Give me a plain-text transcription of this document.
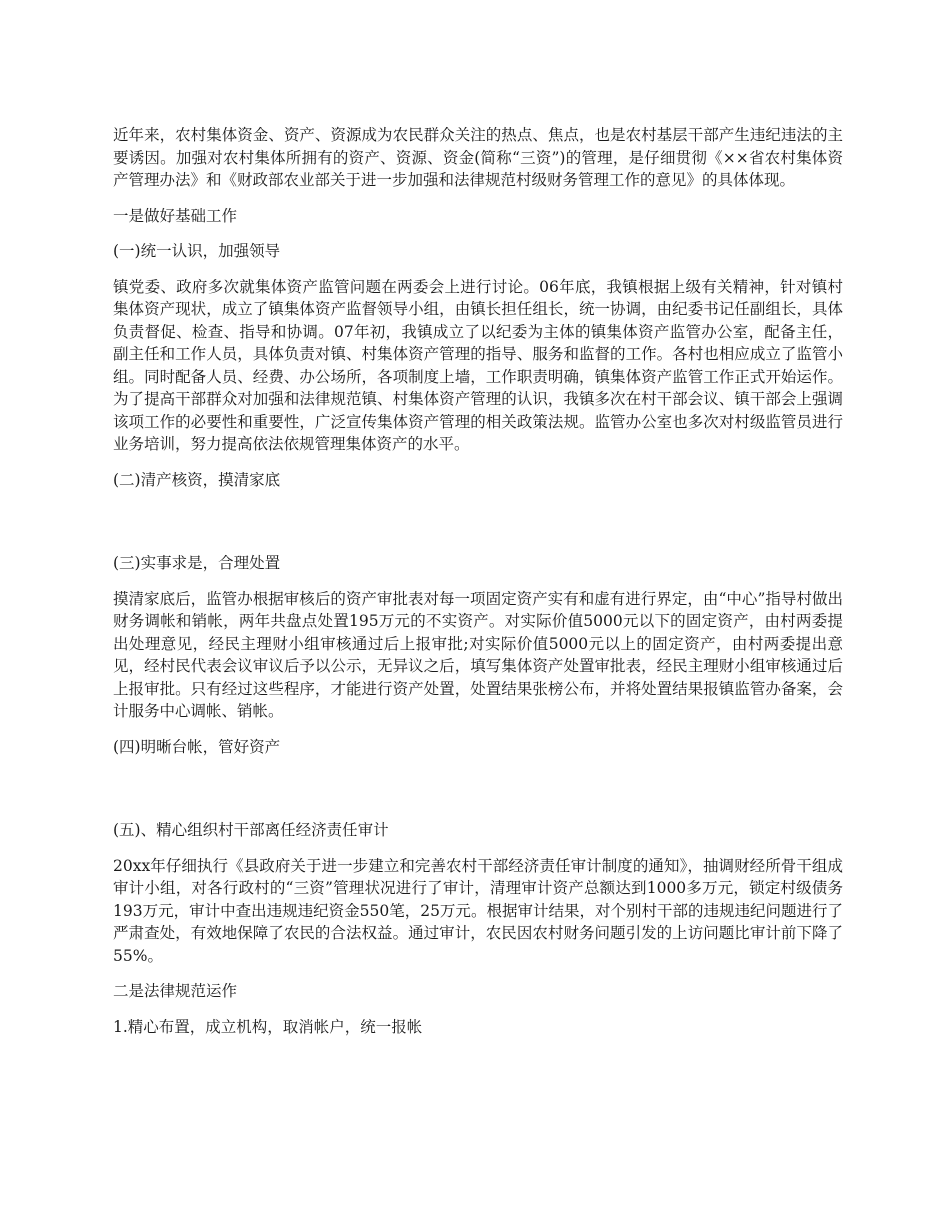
近年来，农村集体资金、资产、资源成为农民群众关注的热点、焦点，也是农村基层干部产生违纪违法的主要诱因。加强对农村集体所拥有的资产、资源、资金(简称“三资”)的管理，是仔细贯彻《××省农村集体资产管理办法》和《财政部农业部关于进一步加强和法律规范村级财务管理工作的意见》的具体体现。

一是做好基础工作

(一)统一认识，加强领导

镇党委、政府多次就集体资产监管问题在两委会上进行讨论。06年底，我镇根据上级有关精神，针对镇村集体资产现状，成立了镇集体资产监督领导小组，由镇长担任组长，统一协调，由纪委书记任副组长，具体负责督促、检查、指导和协调。07年初，我镇成立了以纪委为主体的镇集体资产监管办公室，配备主任，副主任和工作人员，具体负责对镇、村集体资产管理的指导、服务和监督的工作。各村也相应成立了监管小组。同时配备人员、经费、办公场所，各项制度上墙，工作职责明确，镇集体资产监管工作正式开始运作。为了提高干部群众对加强和法律规范镇、村集体资产管理的认识，我镇多次在村干部会议、镇干部会上强调该项工作的必要性和重要性，广泛宣传集体资产管理的相关政策法规。监管办公室也多次对村级监管员进行业务培训，努力提高依法依规管理集体资产的水平。

(二)清产核资，摸清家底

(三)实事求是，合理处置

摸清家底后，监管办根据审核后的资产审批表对每一项固定资产实有和虚有进行界定，由“中心”指导村做出财务调帐和销帐，两年共盘点处置195万元的不实资产。对实际价值5000元以下的固定资产，由村两委提出处理意见，经民主理财小组审核通过后上报审批;对实际价值5000元以上的固定资产，由村两委提出意见，经村民代表会议审议后予以公示，无异议之后，填写集体资产处置审批表，经民主理财小组审核通过后上报审批。只有经过这些程序，才能进行资产处置，处置结果张榜公布，并将处置结果报镇监管办备案，会计服务中心调帐、销帐。

(四)明晰台帐，管好资产

(五)、精心组织村干部离任经济责任审计

20xx年仔细执行《县政府关于进一步建立和完善农村干部经济责任审计制度的通知》，抽调财经所骨干组成审计小组，对各行政村的“三资”管理状况进行了审计，清理审计资产总额达到1000多万元，锁定村级债务193万元，审计中查出违规违纪资金550笔，25万元。根据审计结果，对个别村干部的违规违纪问题进行了严肃查处，有效地保障了农民的合法权益。通过审计，农民因农村财务问题引发的上访问题比审计前下降了55%。

二是法律规范运作

1.精心布置，成立机构，取消帐户，统一报帐
